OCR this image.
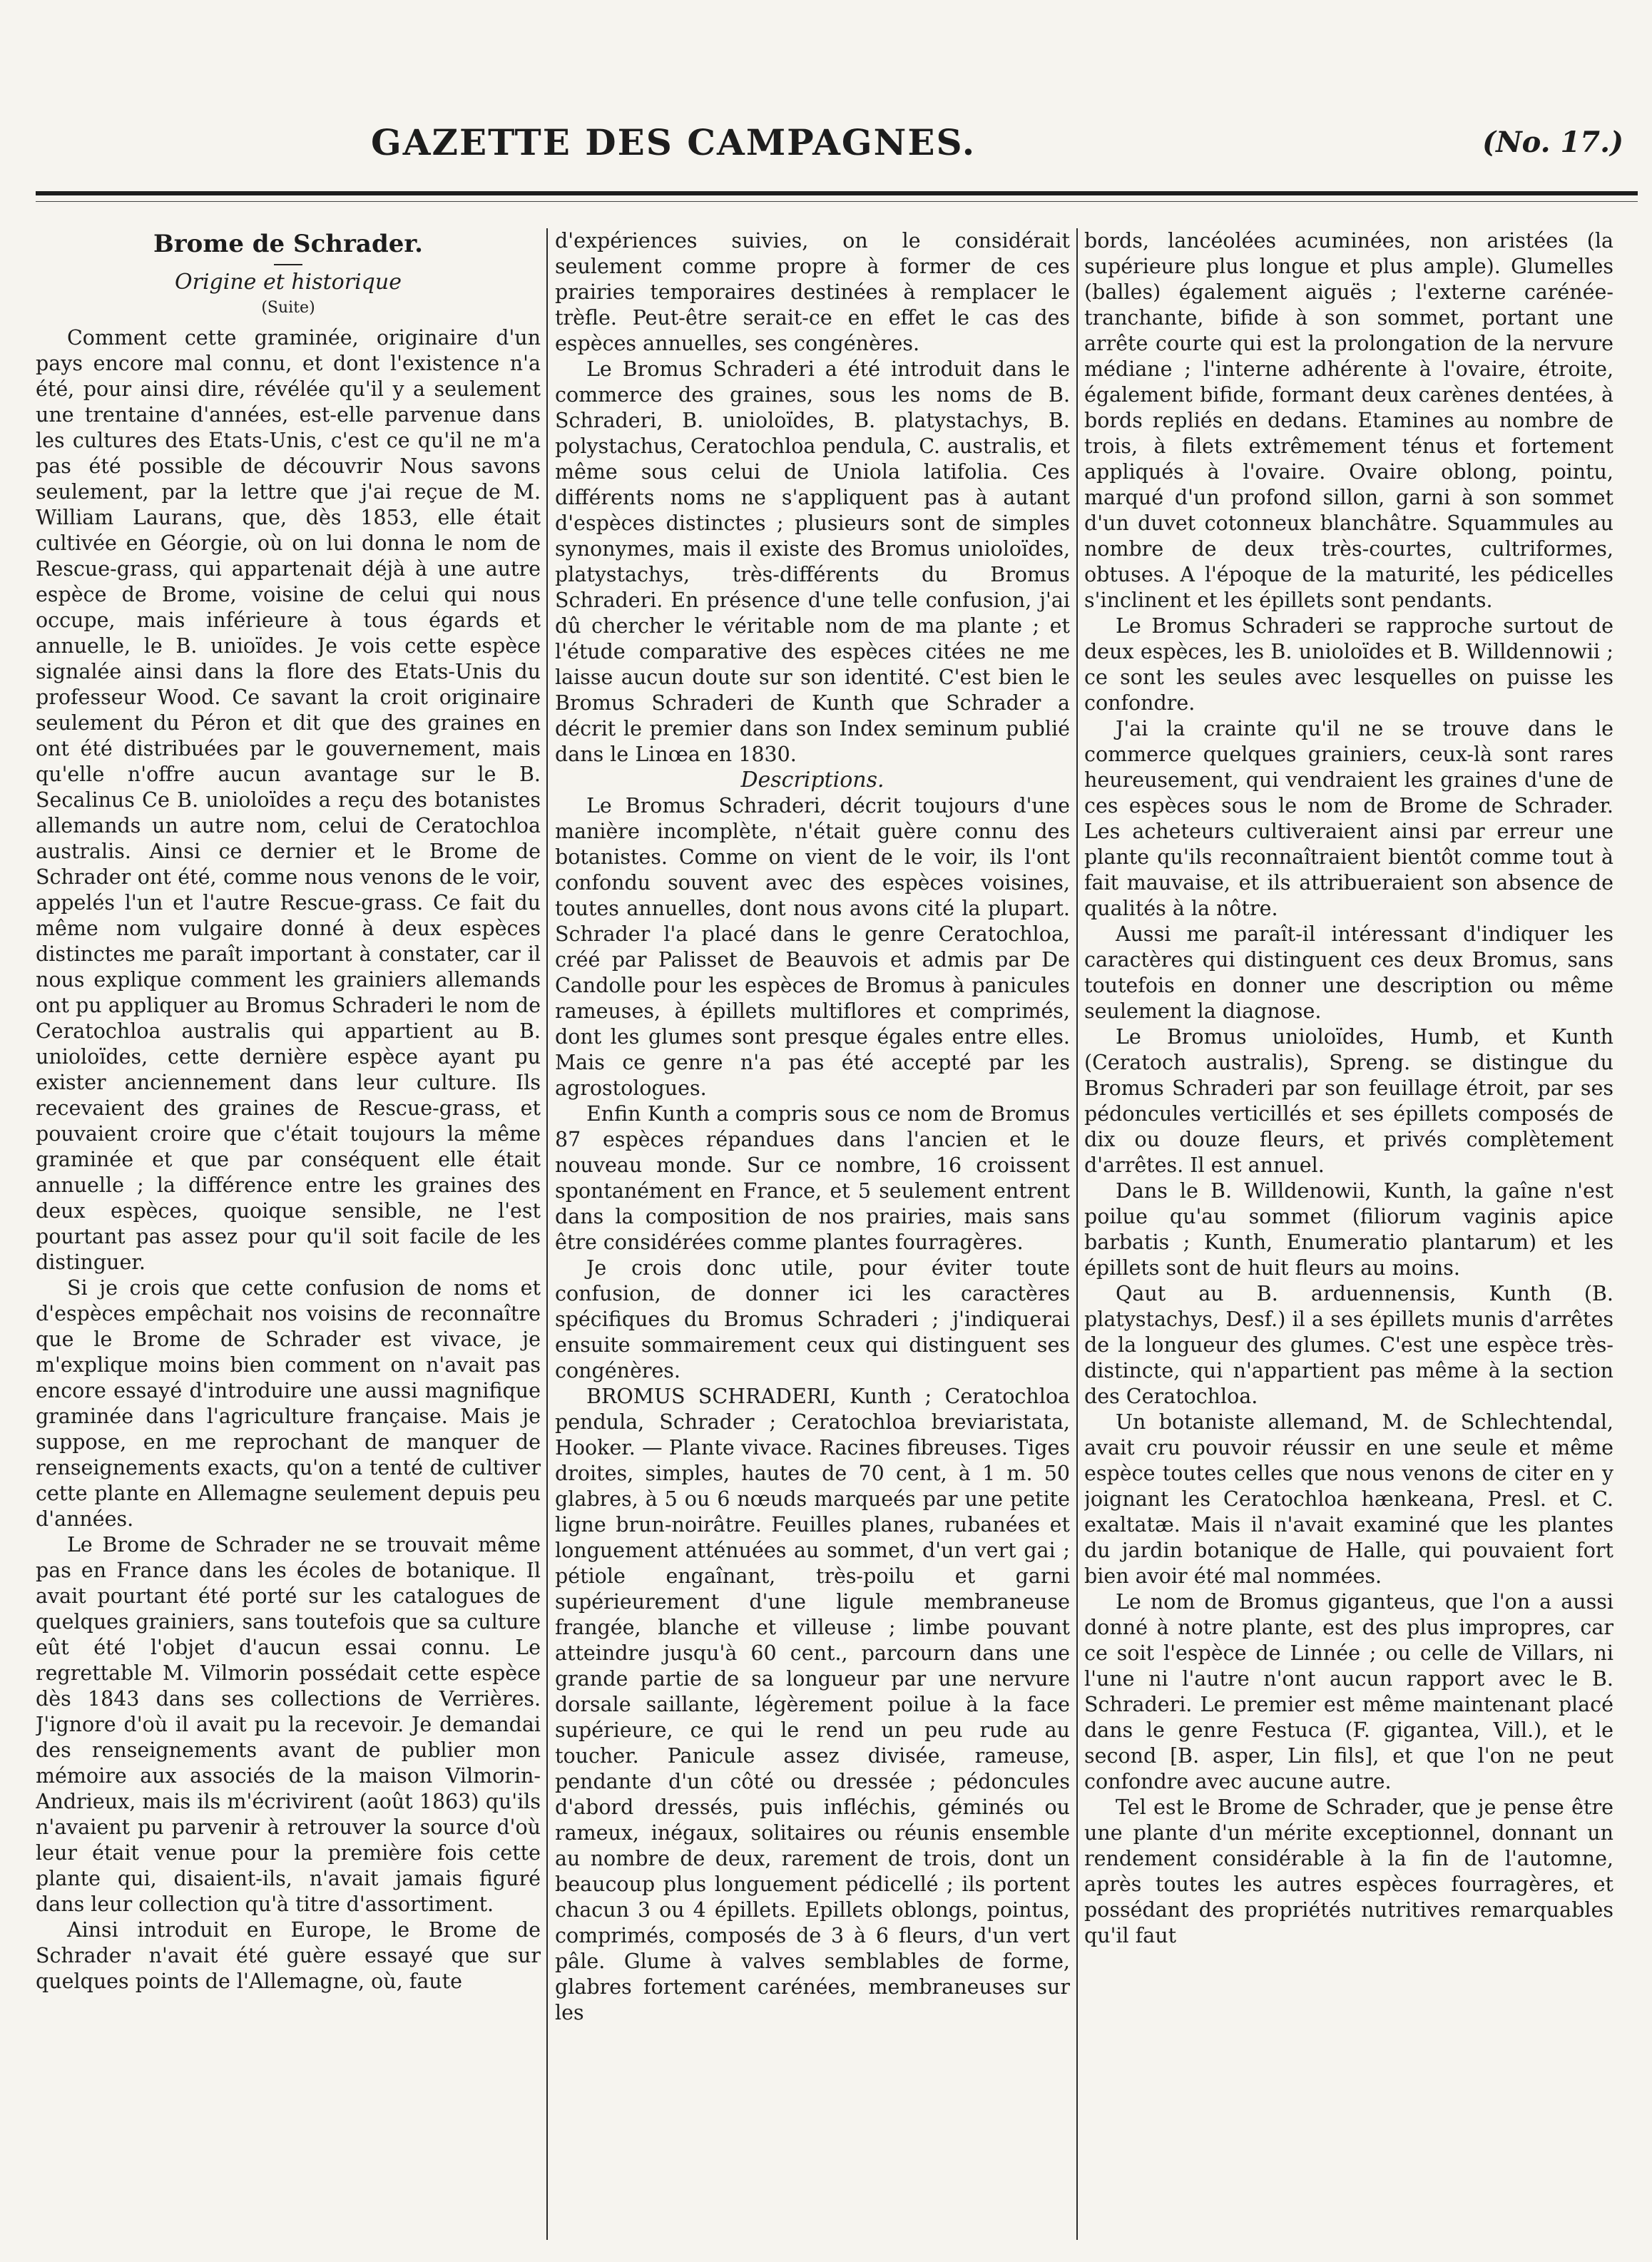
GAZETTE DES CAMPAGNES.	(No. 17.)
Brome de Schrader.
Origine et historique
(Suite)

Comment cette graminée, originaire d'un pays encore mal connu, et dont l'existence n'a été, pour ainsi dire, révélée qu'il y a seulement une trentaine d'années, est-elle parvenue dans les cultures des Etats-Unis, c'est ce qu'il ne m'a pas été possible de découvrir Nous savons seulement, par la lettre que j'ai reçue de M. William Laurans, que, dès 1853, elle était cultivée en Géorgie, où on lui donna le nom de Rescue-grass, qui appartenait déjà à une autre espèce de Brome, voisine de celui qui nous occupe, mais inférieure à tous égards et annuelle, le B. unioïdes. Je vois cette espèce signalée ainsi dans la flore des Etats-Unis du professeur Wood. Ce savant la croit originaire seulement du Péron et dit que des graines en ont été distribuées par le gouvernement, mais qu'elle n'offre aucun avantage sur le B. Secalinus Ce B. unioloïdes a reçu des botanistes allemands un autre nom, celui de Ceratochloa australis. Ainsi ce dernier et le Brome de Schrader ont été, comme nous venons de le voir, appelés l'un et l'autre Rescue-grass. Ce fait du même nom vulgaire donné à deux espèces distinctes me paraît important à constater, car il nous explique comment les grainiers allemands ont pu appliquer au Bromus Schraderi le nom de Ceratochloa australis qui appartient au B. unioloïdes, cette dernière espèce ayant pu exister anciennement dans leur culture. Ils recevaient des graines de Rescue-grass, et pouvaient croire que c'était toujours la même graminée et que par conséquent elle était annuelle ; la différence entre les graines des deux espèces, quoique sensible, ne l'est pourtant pas assez pour qu'il soit facile de les distinguer.

Si je crois que cette confusion de noms et d'espèces empêchait nos voisins de reconnaître que le Brome de Schrader est vivace, je m'explique moins bien comment on n'avait pas encore essayé d'introduire une aussi magnifique graminée dans l'agriculture française. Mais je suppose, en me reprochant de manquer de renseignements exacts, qu'on a tenté de cultiver cette plante en Allemagne seulement depuis peu d'années.

Le Brome de Schrader ne se trouvait même pas en France dans les écoles de botanique. Il avait pourtant été porté sur les catalogues de quelques grainiers, sans toutefois que sa culture eût été l'objet d'aucun essai connu. Le regrettable M. Vilmorin possédait cette espèce dès 1843 dans ses collections de Verrières. J'ignore d'où il avait pu la recevoir. Je demandai des renseignements avant de publier mon mémoire aux associés de la maison Vilmorin-Andrieux, mais ils m'écrivirent (août 1863) qu'ils n'avaient pu parvenir à retrouver la source d'où leur était venue pour la première fois cette plante qui, disaient-ils, n'avait jamais figuré dans leur collection qu'à titre d'assortiment.

Ainsi introduit en Europe, le Brome de Schrader n'avait été guère essayé que sur quelques points de l'Allemagne, où, faute

d'expériences suivies, on le considérait seulement comme propre à former de ces prairies temporaires destinées à remplacer le trèfle. Peut-être serait-ce en effet le cas des espèces annuelles, ses congénères.

Le Bromus Schraderi a été introduit dans le commerce des graines, sous les noms de B. Schraderi, B. unioloïdes, B. platystachys, B. polystachus, Ceratochloa pendula, C. australis, et même sous celui de Uniola latifolia. Ces différents noms ne s'appliquent pas à autant d'espèces distinctes ; plusieurs sont de simples synonymes, mais il existe des Bromus unioloïdes, platystachys, très-différents du Bromus Schraderi. En présence d'une telle confusion, j'ai dû chercher le véritable nom de ma plante ; et l'étude comparative des espèces citées ne me laisse aucun doute sur son identité. C'est bien le Bromus Schraderi de Kunth que Schrader a décrit le premier dans son Index seminum publié dans le Linœa en 1830.

Descriptions.

Le Bromus Schraderi, décrit toujours d'une manière incomplète, n'était guère connu des botanistes. Comme on vient de le voir, ils l'ont confondu souvent avec des espèces voisines, toutes annuelles, dont nous avons cité la plupart. Schrader l'a placé dans le genre Ceratochloa, créé par Palisset de Beauvois et admis par De Candolle pour les espèces de Bromus à panicules rameuses, à épillets multiflores et comprimés, dont les glumes sont presque égales entre elles. Mais ce genre n'a pas été accepté par les agrostologues.

Enfin Kunth a compris sous ce nom de Bromus 87 espèces répandues dans l'ancien et le nouveau monde. Sur ce nombre, 16 croissent spontanément en France, et 5 seulement entrent dans la composition de nos prairies, mais sans être considérées comme plantes fourragères.

Je crois donc utile, pour éviter toute confusion, de donner ici les caractères spécifiques du Bromus Schraderi ; j'indiquerai ensuite sommairement ceux qui distinguent ses congénères.

BROMUS SCHRADERI, Kunth ; Ceratochloa pendula, Schrader ; Ceratochloa breviaristata, Hooker. — Plante vivace. Racines fibreuses. Tiges droites, simples, hautes de 70 cent, à 1 m. 50 glabres, à 5 ou 6 nœuds marqueés par une petite ligne brun-noirâtre. Feuilles planes, rubanées et longuement atténuées au sommet, d'un vert gai ; pétiole engaînant, très-poilu et garni supérieurement d'une ligule membraneuse frangée, blanche et villeuse ; limbe pouvant atteindre jusqu'à 60 cent., parcourn dans une grande partie de sa longueur par une nervure dorsale saillante, légèrement poilue à la face supérieure, ce qui le rend un peu rude au toucher. Panicule assez divisée, rameuse, pendante d'un côté ou dressée ; pédoncules d'abord dressés, puis infléchis, géminés ou rameux, inégaux, solitaires ou réunis ensemble au nombre de deux, rarement de trois, dont un beaucoup plus longuement pédicellé ; ils portent chacun 3 ou 4 épillets. Epillets oblongs, pointus, comprimés, composés de 3 à 6 fleurs, d'un vert pâle. Glume à valves semblables de forme, glabres fortement carénées, membraneuses sur les

bords, lancéolées acuminées, non aristées (la supérieure plus longue et plus ample). Glumelles (balles) également aiguës ; l'externe carénée-tranchante, bifide à son sommet, portant une arrête courte qui est la prolongation de la nervure médiane ; l'interne adhérente à l'ovaire, étroite, également bifide, formant deux carènes dentées, à bords repliés en dedans. Etamines au nombre de trois, à filets extrêmement ténus et fortement appliqués à l'ovaire. Ovaire oblong, pointu, marqué d'un profond sillon, garni à son sommet d'un duvet cotonneux blanchâtre. Squammules au nombre de deux très-courtes, cultriformes, obtuses. A l'époque de la maturité, les pédicelles s'inclinent et les épillets sont pendants.

Le Bromus Schraderi se rapproche surtout de deux espèces, les B. unioloïdes et B. Willdennowii ; ce sont les seules avec lesquelles on puisse les confondre.

J'ai la crainte qu'il ne se trouve dans le commerce quelques grainiers, ceux-là sont rares heureusement, qui vendraient les graines d'une de ces espèces sous le nom de Brome de Schrader. Les acheteurs cultiveraient ainsi par erreur une plante qu'ils reconnaîtraient bientôt comme tout à fait mauvaise, et ils attribueraient son absence de qualités à la nôtre.

Aussi me paraît-il intéressant d'indiquer les caractères qui distinguent ces deux Bromus, sans toutefois en donner une description ou même seulement la diagnose.

Le Bromus unioloïdes, Humb, et Kunth (Ceratoch australis), Spreng. se distingue du Bromus Schraderi par son feuillage étroit, par ses pédoncules verticillés et ses épillets composés de dix ou douze fleurs, et privés complètement d'arrêtes. Il est annuel.

Dans le B. Willdenowii, Kunth, la gaîne n'est poilue qu'au sommet (filiorum vaginis apice barbatis ; Kunth, Enumeratio plantarum) et les épillets sont de huit fleurs au moins.

Qaut au B. arduennensis, Kunth (B. platystachys, Desf.) il a ses épillets munis d'arrêtes de la longueur des glumes. C'est une espèce très-distincte, qui n'appartient pas même à la section des Ceratochloa.

Un botaniste allemand, M. de Schlechtendal, avait cru pouvoir réussir en une seule et même espèce toutes celles que nous venons de citer en y joignant les Ceratochloa hænkeana, Presl. et C. exaltatæ. Mais il n'avait examiné que les plantes du jardin botanique de Halle, qui pouvaient fort bien avoir été mal nommées.

Le nom de Bromus giganteus, que l'on a aussi donné à notre plante, est des plus impropres, car ce soit l'espèce de Linnée ; ou celle de Villars, ni l'une ni l'autre n'ont aucun rapport avec le B. Schraderi. Le premier est même maintenant placé dans le genre Festuca (F. gigantea, Vill.), et le second [B. asper, Lin fils], et que l'on ne peut confondre avec aucune autre.

Tel est le Brome de Schrader, que je pense être une plante d'un mérite exceptionnel, donnant un rendement considérable à la fin de l'automne, après toutes les autres espèces fourragères, et possédant des propriétés nutritives remarquables qu'il faut
